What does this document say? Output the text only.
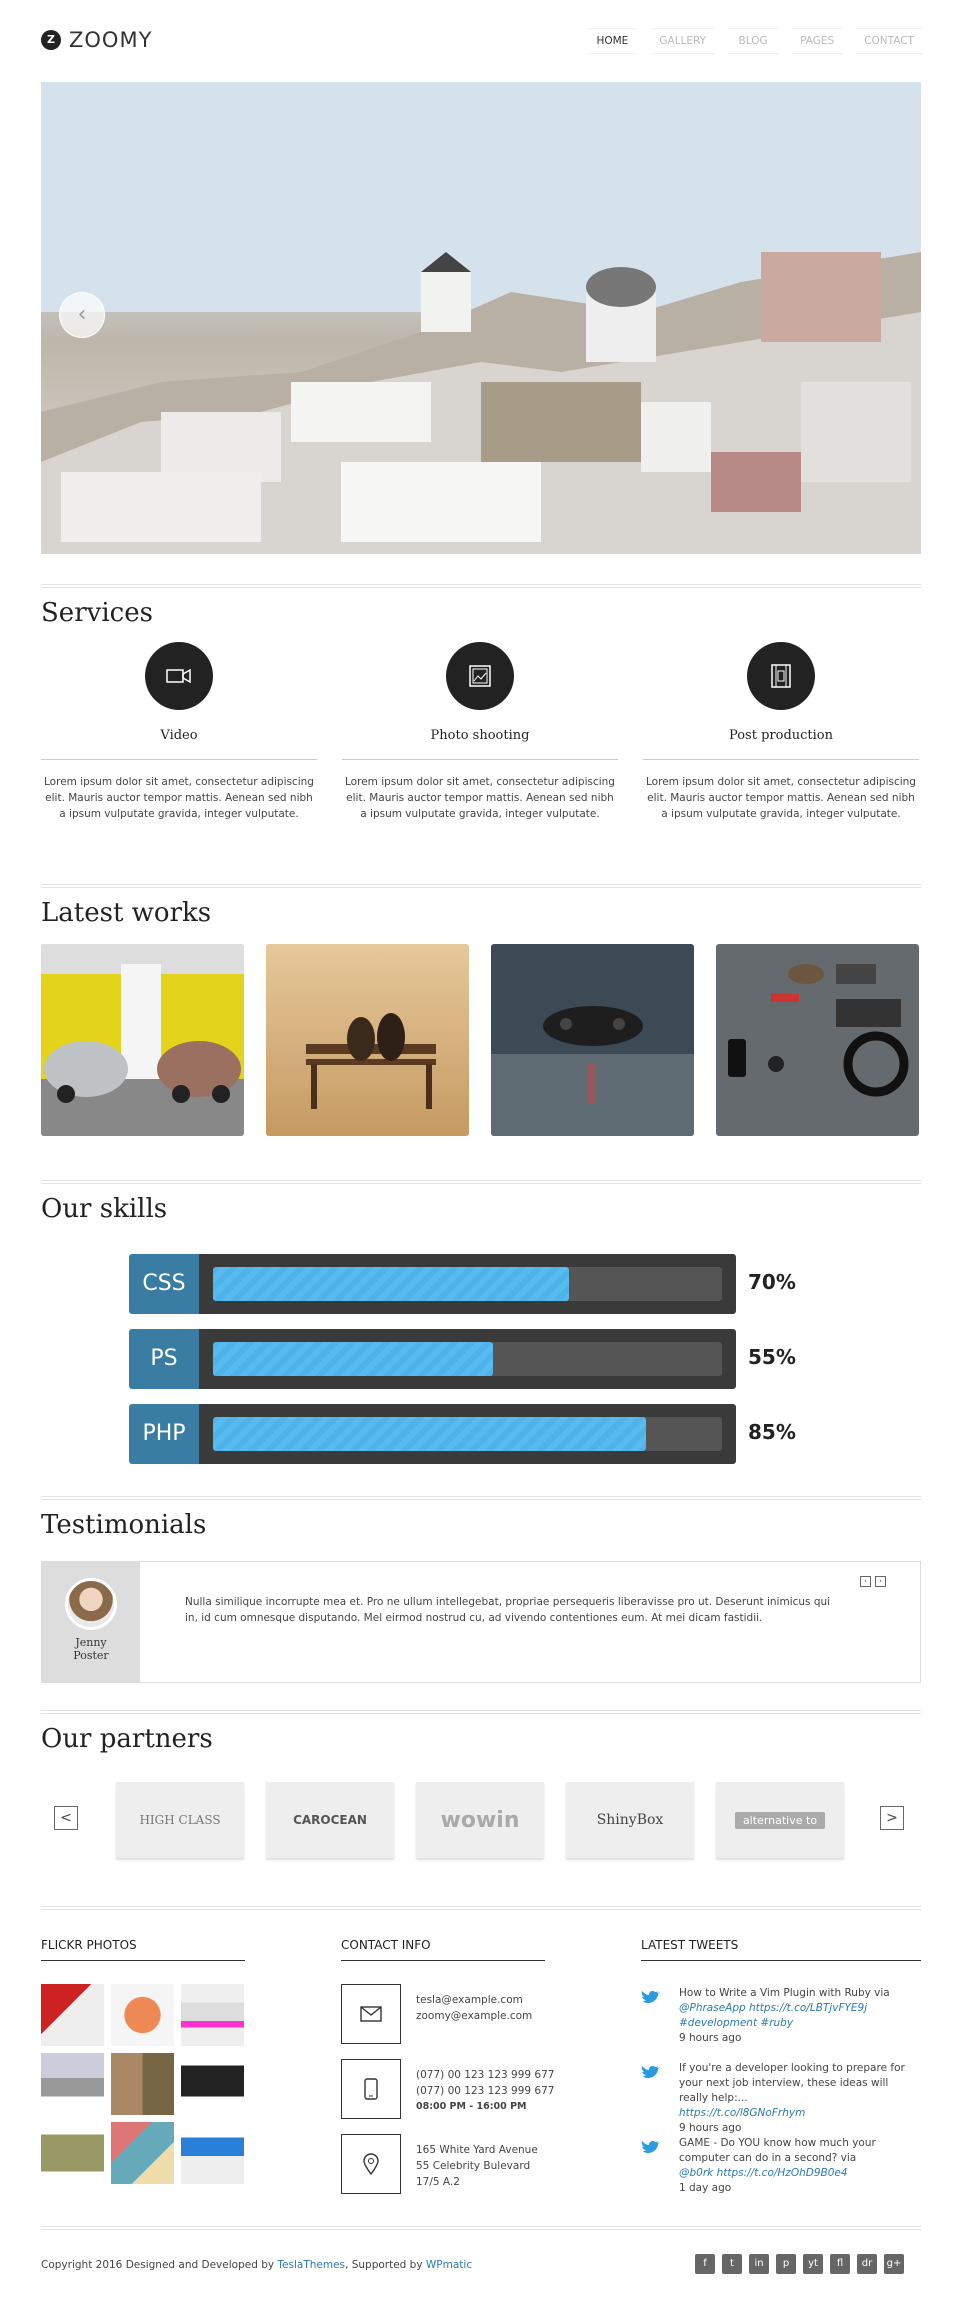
Z ZOOMY	HOME	GALLERY	BLOG	PAGES	CONTACT
‹
Services
Video
Lorem ipsum dolor sit amet, consectetur adipiscing elit. Mauris auctor tempor mattis. Aenean sed nibh a ipsum vulputate gravida, integer vulputate.
Photo shooting
Lorem ipsum dolor sit amet, consectetur adipiscing elit. Mauris auctor tempor mattis. Aenean sed nibh a ipsum vulputate gravida, integer vulputate.
Post production
Lorem ipsum dolor sit amet, consectetur adipiscing elit. Mauris auctor tempor mattis. Aenean sed nibh a ipsum vulputate gravida, integer vulputate.
Latest works
Our skills
CSS	70%
PS	55%
PHP	85%
Testimonials
Jenny
Poster
Nulla similique incorrupte mea et. Pro ne ullum intellegebat, propriae persequeris liberavisse pro ut. Deserunt inimicus qui in, id cum omnesque disputando. Mel eirmod nostrud cu, ad vivendo contentiones eum. At mei dicam fastidii.
‹	›
Our partners
<	HIGH CLASS	CAROCEAN	wowin	ShinyBox	alternative to	>
FLICKR PHOTOS	CONTACT INFO	LATEST TWEETS
tesla@example.com
zoomy@example.com
(077) 00 123 123 999 677
(077) 00 123 123 999 677
08:00 PM - 16:00 PM
165 White Yard Avenue
55 Celebrity Bulevard
17/5 A.2
How to Write a Vim Plugin with Ruby via
@PhraseApp https://t.co/LBTjvFYE9j #development #ruby
9 hours ago
If you're a developer looking to prepare for your next job interview, these ideas will really help:...
https://t.co/l8GNoFrhym
9 hours ago
GAME - Do YOU know how much your computer can do in a second? via
@b0rk https://t.co/HzOhD9B0e4
1 day ago
Copyright 2016 Designed and Developed by TeslaThemes, Supported by WPmatic	f	t	in	p	yt	fl	dr	g+
